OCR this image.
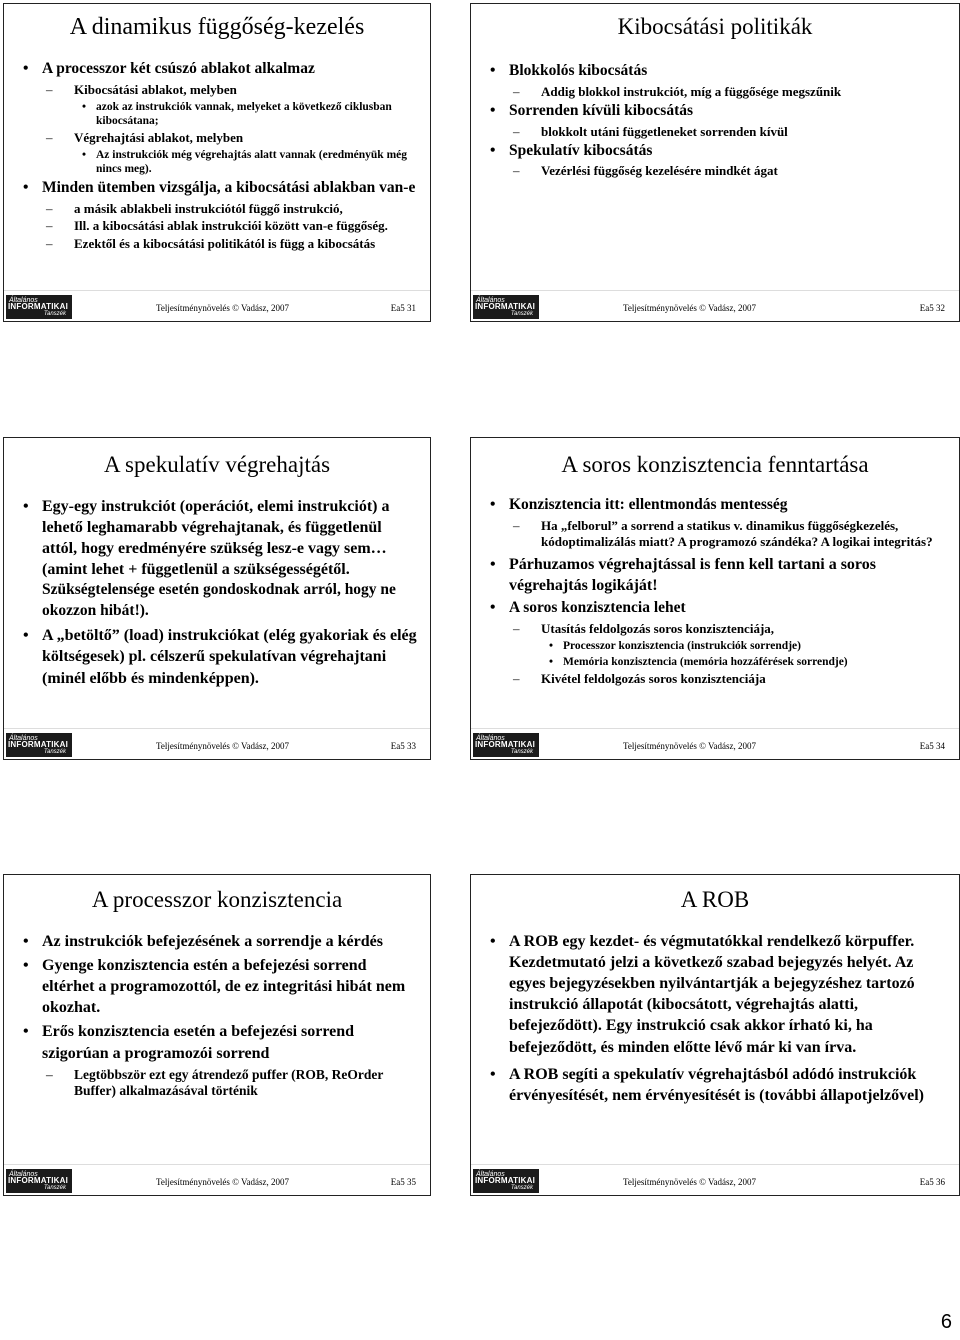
A dinamikus függőség-kezelés
• A processzor két csúszó ablakot alkalmaz
– Kibocsátási ablakot, melyben
• azok az instrukciók vannak, melyeket a következő ciklusban kibocsátana;
– Végrehajtási ablakot, melyben
• Az instrukciók még végrehajtás alatt vannak (eredményük még nincs meg).
• Minden ütemben vizsgálja, a kibocsátási ablakban van-e
– a másik ablakbeli instrukciótól függő instrukció,
– Ill. a kibocsátási ablak instrukciói között van-e függőség.
– Ezektől és a kibocsátási politikától is függ a kibocsátás
Általános
INFORMATIKAI
Tanszék
Teljesítménynövelés © Vadász, 2007	Ea5 31
Kibocsátási politikák
• Blokkolós kibocsátás
– Addig blokkol instrukciót, míg a függősége megszűnik
• Sorrenden kívüli kibocsátás
– blokkolt utáni függetleneket sorrenden kívül
• Spekulatív kibocsátás
– Vezérlési függőség kezelésére mindkét ágat
Általános
INFORMATIKAI
Tanszék
Teljesítménynövelés © Vadász, 2007	Ea5 32
A spekulatív végrehajtás
• Egy-egy instrukciót (operációt, elemi instrukciót) a lehető leghamarabb végrehajtanak, és függetlenül attól, hogy eredményére szükség lesz-e vagy sem… (amint lehet + függetlenül a szükségességétől.
Szükségtelensége esetén gondoskodnak arról, hogy ne okozzon hibát!).
• A „betöltő” (load) instrukciókat (elég gyakoriak és elég költségesek) pl. célszerű spekulatívan végrehajtani (minél előbb és mindenképpen).
Általános
INFORMATIKAI
Tanszék
Teljesítménynövelés © Vadász, 2007	Ea5 33
A soros konzisztencia fenntartása
• Konzisztencia itt: ellentmondás mentesség
– Ha „felborul” a sorrend a statikus v. dinamikus függőségkezelés, kódoptimalizálás miatt? A programozó szándéka? A logikai integritás?
• Párhuzamos végrehajtással is fenn kell tartani a soros végrehajtás logikáját!
• A soros konzisztencia lehet
– Utasítás feldolgozás soros konzisztenciája,
• Processzor konzisztencia (instrukciók sorrendje)
• Memória konzisztencia (memória hozzáférések sorrendje)
– Kivétel feldolgozás soros konzisztenciája
Általános
INFORMATIKAI
Tanszék
Teljesítménynövelés © Vadász, 2007	Ea5 34
A processzor konzisztencia
• Az instrukciók befejezésének a sorrendje a kérdés
• Gyenge konzisztencia estén a befejezési sorrend eltérhet a programozottól, de ez integritási hibát nem okozhat.
• Erős konzisztencia esetén a befejezési sorrend szigorúan a programozói sorrend
– Legtöbbször ezt egy átrendező puffer (ROB, ReOrder Buffer) alkalmazásával történik
Általános
INFORMATIKAI
Tanszék
Teljesítménynövelés © Vadász, 2007	Ea5 35
A ROB
• A ROB egy kezdet- és végmutatókkal rendelkező körpuffer. Kezdetmutató jelzi a következő szabad bejegyzés helyét. Az egyes bejegyzésekben nyilvántartják a bejegyzéshez tartozó instrukció állapotát (kibocsátott, végrehajtás alatti, befejeződött). Egy instrukció csak akkor írható ki, ha befejeződött, és minden előtte lévő már ki van írva.
• A ROB segíti a spekulatív végrehajtásból adódó instrukciók érvényesítését, nem érvényesítését is (további állapotjelzővel)
Általános
INFORMATIKAI
Tanszék
Teljesítménynövelés © Vadász, 2007	Ea5 36
6
